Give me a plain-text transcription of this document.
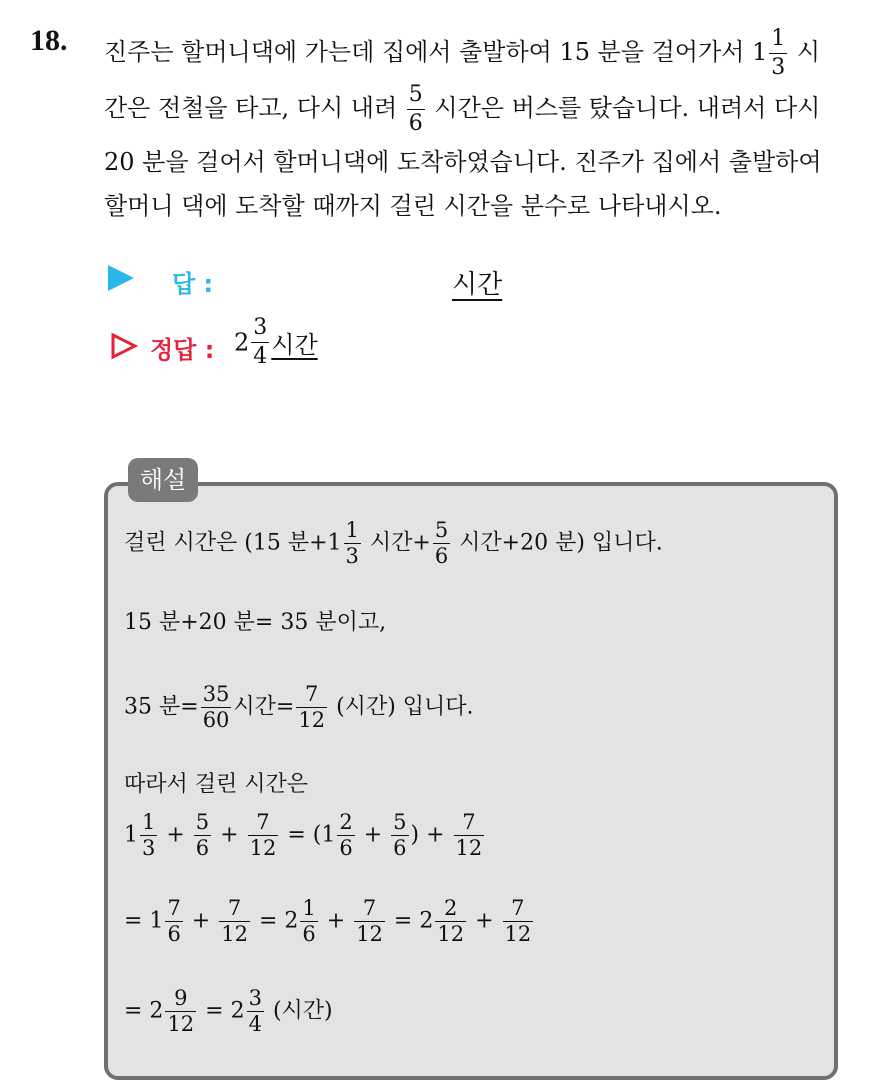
18. 진주는 할머니댁에 가는데 집에서 출발하여 15 분을 걸어가서 $1 \frac{1}{3}$ 시
간은 전철을 타고, 다시 내려 $\frac{5}{6}$ 시간은 버스를 탔습니다. 내려서 다시
20 분을 걸어서 할머니댁에 도착하였습니다. 진주가 집에서 출발하여
할머니 댁에 도착할 때까지 걸린 시간을 분수로 나타내시오.
답 :	시간
정답 : $2 \frac{3}{4}$ 시간
해설
걸린 시간은 (15 분$+1 \frac{1}{3}$ 시간+ $\frac{5}{6}$ 시간+20 분) 입니다.
15 분+20 분= 35 분이고,
35 분= $\frac{35}{60}$ 시간= $\frac{7}{12}$ (시간) 입니다.
따라서 걸린 시간은
$1 \frac{1}{3} + \frac{5}{6} + \frac{7}{12} = (1 \frac{2}{6} + \frac{5}{6}$ ) + $\frac{7}{12}$
= $1 \frac{7}{6} + \frac{7}{12} = 2 \frac{1}{6} + \frac{7}{12} = 2 \frac{2}{12} + \frac{7}{12}$
= $2 \frac{9}{12} = 2 \frac{3}{4}$ (시간)
